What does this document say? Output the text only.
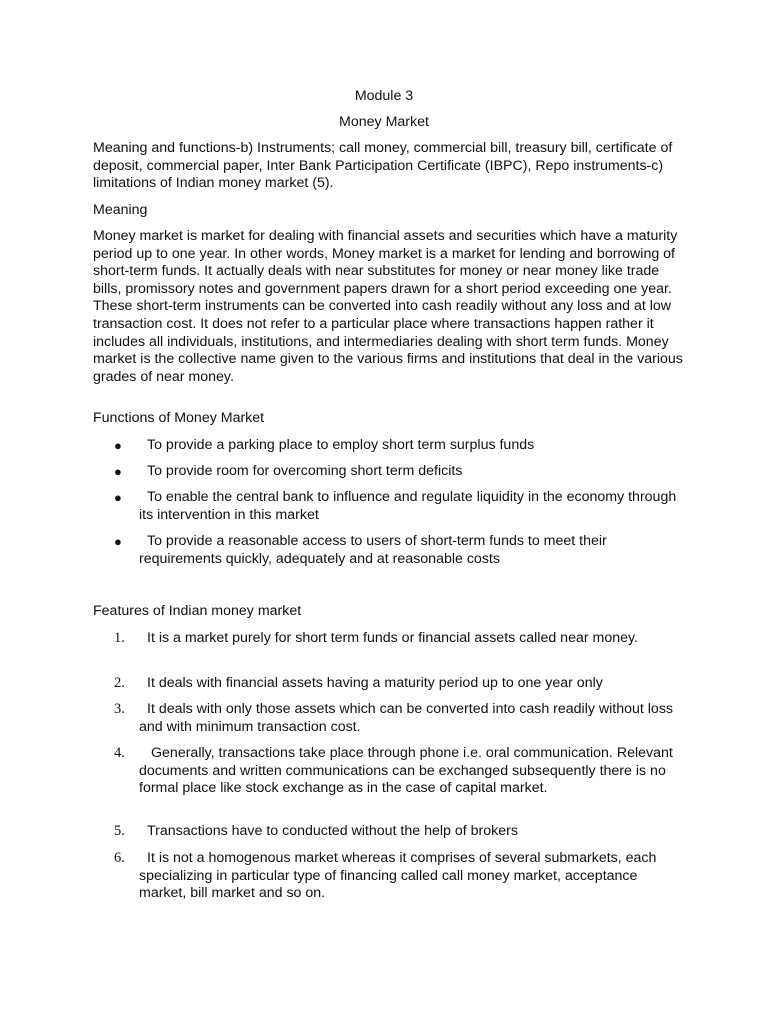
Module 3

Money Market

Meaning and functions-b) Instruments; call money, commercial bill, treasury bill, certificate of deposit, commercial paper, Inter Bank Participation Certificate (IBPC), Repo instruments-c) limitations of Indian money market (5).

Meaning

Money market is market for dealing with financial assets and securities which have a maturity period up to one year. In other words, Money market is a market for lending and borrowing of short-term funds. It actually deals with near substitutes for money or near money like trade bills, promissory notes and government papers drawn for a short period exceeding one year. These short-term instruments can be converted into cash readily without any loss and at low transaction cost. It does not refer to a particular place where transactions happen rather it includes all individuals, institutions, and intermediaries dealing with short term funds. Money market is the collective name given to the various firms and institutions that deal in the various grades of near money.

Functions of Money Market

●	To provide a parking place to employ short term surplus funds

●	To provide room for overcoming short term deficits

●	To enable the central bank to influence and regulate liquidity in the economy through its intervention in this market

●	To provide a reasonable access to users of short-term funds to meet their requirements quickly, adequately and at reasonable costs

Features of Indian money market

1.	It is a market purely for short term funds or financial assets called near money.

2.	It deals with financial assets having a maturity period up to one year only

3.	It deals with only those assets which can be converted into cash readily without loss and with minimum transaction cost.

4.	Generally, transactions take place through phone i.e. oral communication. Relevant documents and written communications can be exchanged subsequently there is no formal place like stock exchange as in the case of capital market.

5.	Transactions have to conducted without the help of brokers

6.	It is not a homogenous market whereas it comprises of several submarkets, each specializing in particular type of financing called call money market, acceptance market, bill market and so on.
